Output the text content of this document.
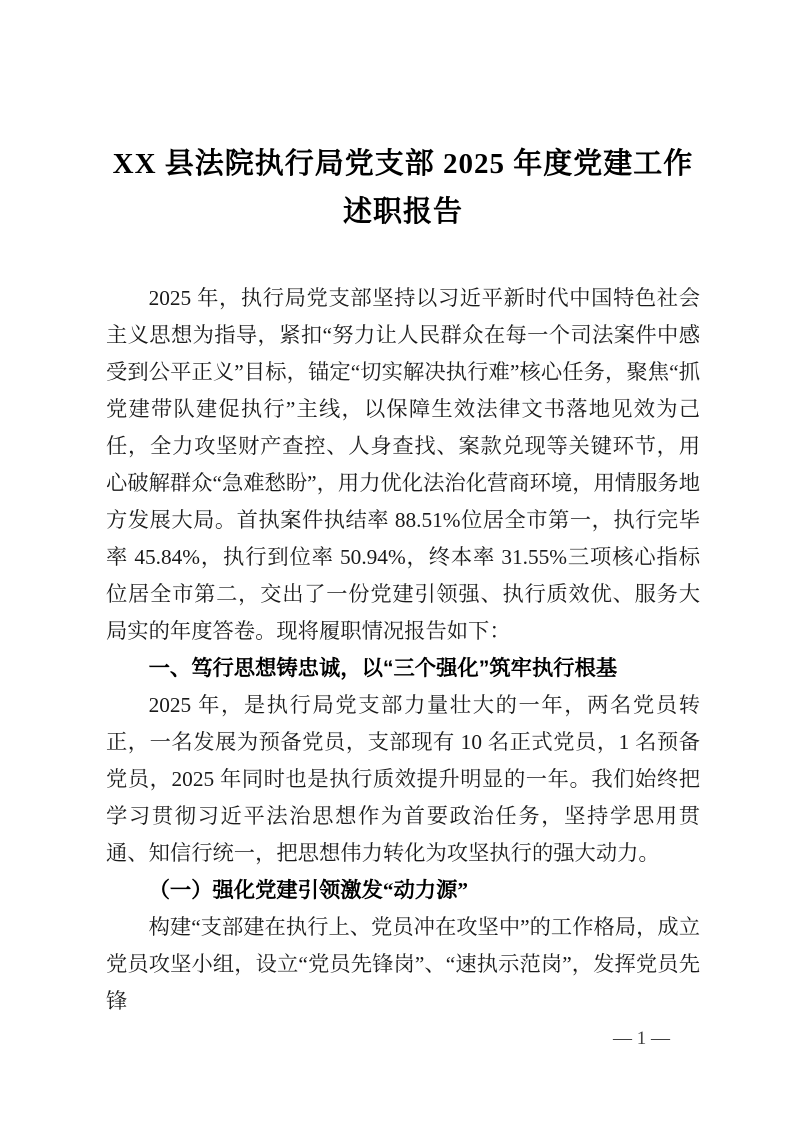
XX 县法院执行局党支部 2025 年度党建工作述职报告

2025 年，执行局党支部坚持以习近平新时代中国特色社会主义思想为指导，紧扣“努力让人民群众在每一个司法案件中感受到公平正义”目标，锚定“切实解决执行难”核心任务，聚焦“抓党建带队建促执行”主线，以保障生效法律文书落地见效为己任，全力攻坚财产查控、人身查找、案款兑现等关键环节，用心破解群众“急难愁盼”，用力优化法治化营商环境，用情服务地方发展大局。首执案件执结率 88.51%位居全市第一，执行完毕率 45.84%，执行到位率 50.94%，终本率 31.55%三项核心指标位居全市第二，交出了一份党建引领强、执行质效优、服务大局实的年度答卷。现将履职情况报告如下：

一、笃行思想铸忠诚，以“三个强化”筑牢执行根基

2025 年，是执行局党支部力量壮大的一年，两名党员转正，一名发展为预备党员，支部现有 10 名正式党员，1 名预备党员，2025 年同时也是执行质效提升明显的一年。我们始终把学习贯彻习近平法治思想作为首要政治任务，坚持学思用贯通、知信行统一，把思想伟力转化为攻坚执行的强大动力。

（一）强化党建引领激发“动力源”

构建“支部建在执行上、党员冲在攻坚中”的工作格局，成立党员攻坚小组，设立“党员先锋岗”、“速执示范岗”，发挥党员先锋

— 1 —
